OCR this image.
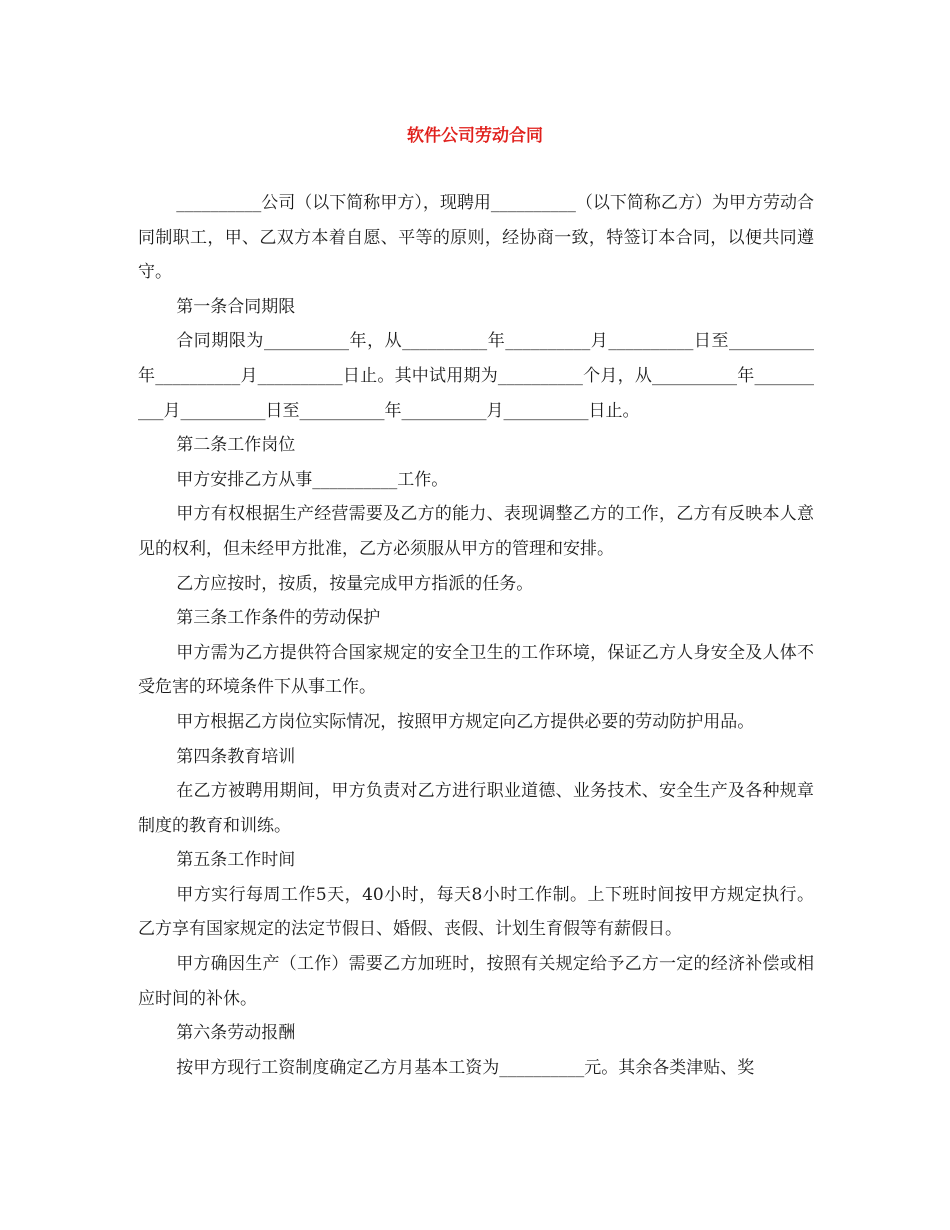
软件公司劳动合同

__________公司（以下简称甲方），现聘用__________（以下简称乙方）为甲方劳动合同制职工，甲、乙双方本着自愿、平等的原则，经协商一致，特签订本合同，以便共同遵守。

第一条合同期限

合同期限为__________年，从__________年__________月__________日至__________年__________月__________日止。其中试用期为__________个月，从__________年__________月__________日至__________年__________月__________日止。

第二条工作岗位

甲方安排乙方从事__________工作。

甲方有权根据生产经营需要及乙方的能力、表现调整乙方的工作，乙方有反映本人意见的权利，但未经甲方批准，乙方必须服从甲方的管理和安排。

乙方应按时，按质，按量完成甲方指派的任务。

第三条工作条件的劳动保护

甲方需为乙方提供符合国家规定的安全卫生的工作环境，保证乙方人身安全及人体不受危害的环境条件下从事工作。

甲方根据乙方岗位实际情况，按照甲方规定向乙方提供必要的劳动防护用品。

第四条教育培训

在乙方被聘用期间，甲方负责对乙方进行职业道德、业务技术、安全生产及各种规章制度的教育和训练。

第五条工作时间

甲方实行每周工作5天，40小时，每天8小时工作制。上下班时间按甲方规定执行。乙方享有国家规定的法定节假日、婚假、丧假、计划生育假等有薪假日。

甲方确因生产（工作）需要乙方加班时，按照有关规定给予乙方一定的经济补偿或相应时间的补休。

第六条劳动报酬

按甲方现行工资制度确定乙方月基本工资为__________元。其余各类津贴、奖
